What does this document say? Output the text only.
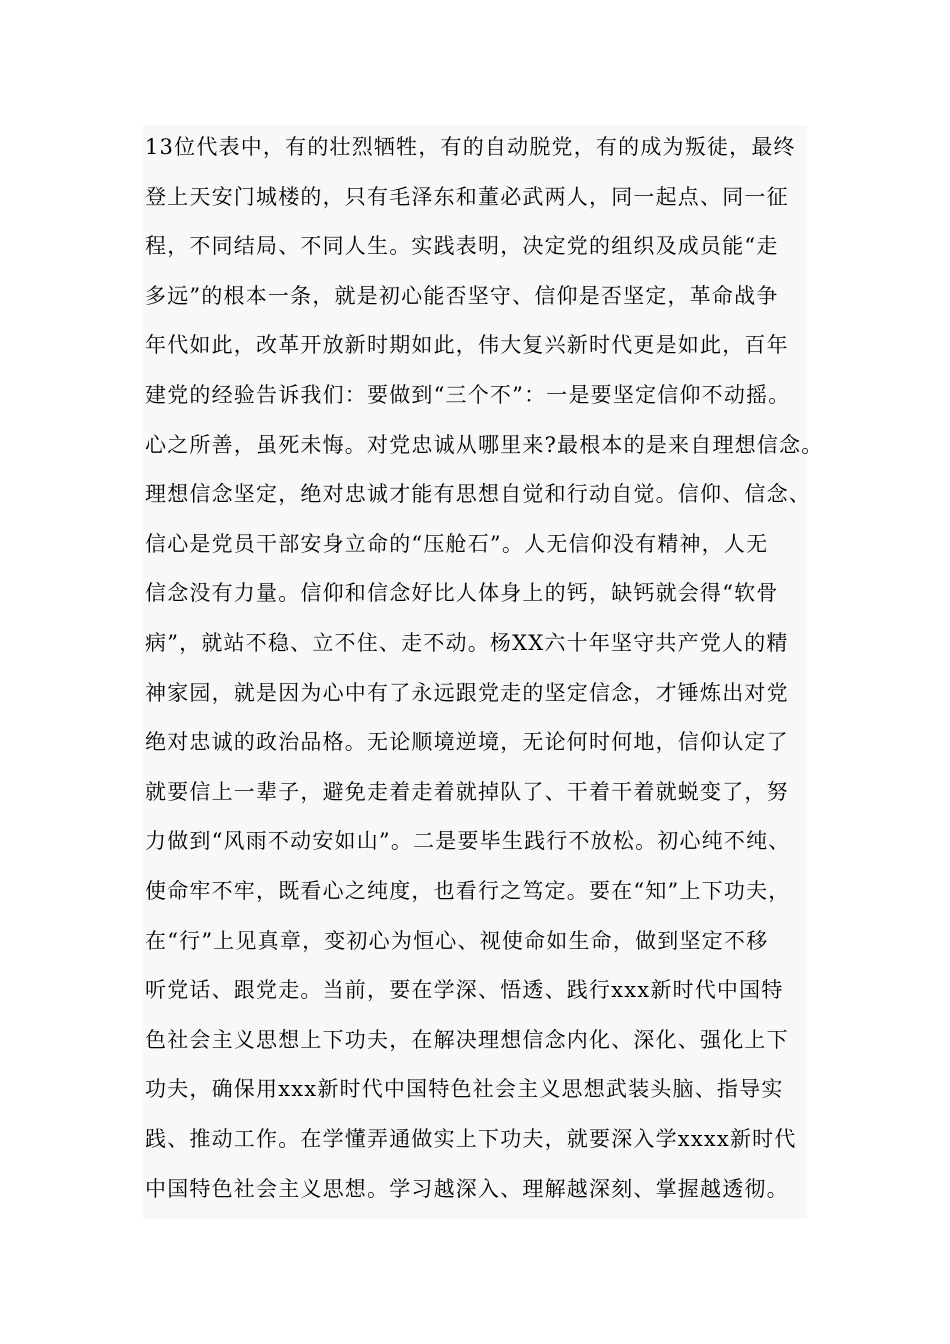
13位代表中，有的壮烈牺牲，有的自动脱党，有的成为叛徒，最终
登上天安门城楼的，只有毛泽东和董必武两人，同一起点、同一征
程，不同结局、不同人生。实践表明，决定党的组织及成员能“走
多远”的根本一条，就是初心能否坚守、信仰是否坚定，革命战争
年代如此，改革开放新时期如此，伟大复兴新时代更是如此，百年
建党的经验告诉我们：要做到“三个不”：一是要坚定信仰不动摇。
心之所善，虽死未悔。对党忠诚从哪里来?最根本的是来自理想信念。
理想信念坚定，绝对忠诚才能有思想自觉和行动自觉。信仰、信念、
信心是党员干部安身立命的“压舱石”。人无信仰没有精神，人无
信念没有力量。信仰和信念好比人体身上的钙，缺钙就会得“软骨
病”，就站不稳、立不住、走不动。杨XX六十年坚守共产党人的精
神家园，就是因为心中有了永远跟党走的坚定信念，才锤炼出对党
绝对忠诚的政治品格。无论顺境逆境，无论何时何地，信仰认定了
就要信上一辈子，避免走着走着就掉队了、干着干着就蜕变了，努
力做到“风雨不动安如山”。二是要毕生践行不放松。初心纯不纯、
使命牢不牢，既看心之纯度，也看行之笃定。要在“知”上下功夫，
在“行”上见真章，变初心为恒心、视使命如生命，做到坚定不移
听党话、跟党走。当前，要在学深、悟透、践行xxx新时代中国特
色社会主义思想上下功夫，在解决理想信念内化、深化、强化上下
功夫，确保用xxx新时代中国特色社会主义思想武装头脑、指导实
践、推动工作。在学懂弄通做实上下功夫，就要深入学xxxx新时代
中国特色社会主义思想。学习越深入、理解越深刻、掌握越透彻。
